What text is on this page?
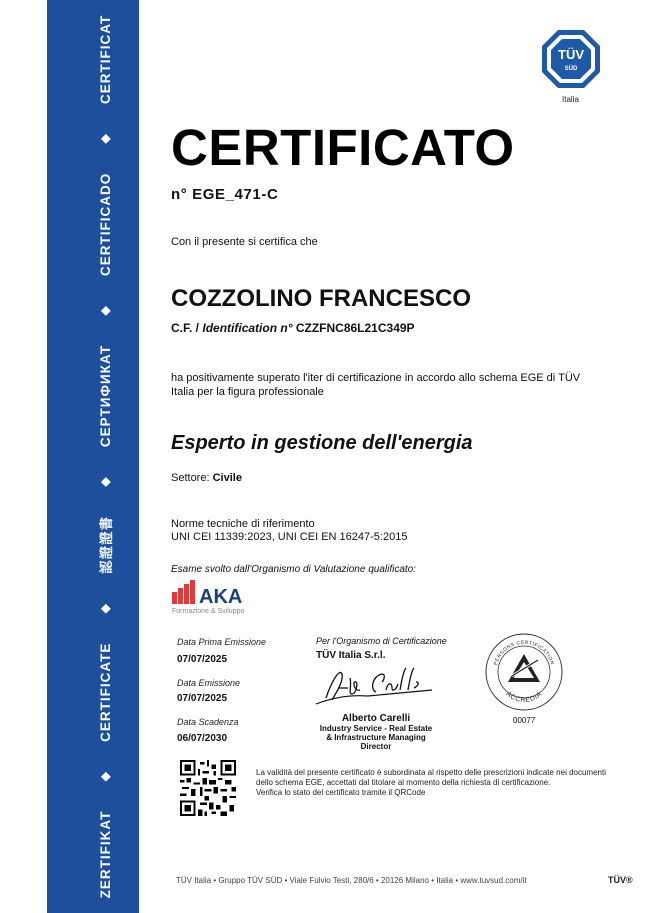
ZERTIFIKAT
◆
CERTIFICATE
◆
認證證書
◆
СЕРТИФИКАТ
◆
CERTIFICADO
◆
CERTIFICAT	TÜV
SÜD
Italia
CERTIFICATO
n° EGE_471-C
Con il presente si certifica che
COZZOLINO FRANCESCO
C.F. / Identification n° CZZFNC86L21C349P
ha positivamente superato l'iter di certificazione in accordo allo schema EGE di TÜV Italia per la figura professionale
Esperto in gestione dell'energia
Settore: Civile
Norme tecniche di riferimento
UNI CEI 11339:2023, UNI CEI EN 16247-5:2015
Esame svolto dall'Organismo di Valutazione qualificato:
AKA
Formazione & Sviluppo
Data Prima Emissione
07/07/2025
Data Emissione
07/07/2025
Data Scadenza
06/07/2030
Per l'Organismo di Certificazione
TÜV Italia S.r.l.
Alberto Carelli
Industry Service - Real Estate
& Infrastructure Managing
Director
PERSONS CERTIFICATION
ACCREDIA
00077
La validità del presente certificato è subordinata al rispetto delle prescrizioni indicate nei documenti dello schema EGE, accettati dal titolare al momento della richiesta di certificazione.
Verifica lo stato del certificato tramite il QRCode
TÜV Italia • Gruppo TÜV SÜD • Viale Fulvio Testi, 280/6 • 20126 Milano • Italia • www.tuvsud.com/it	TÜV®
